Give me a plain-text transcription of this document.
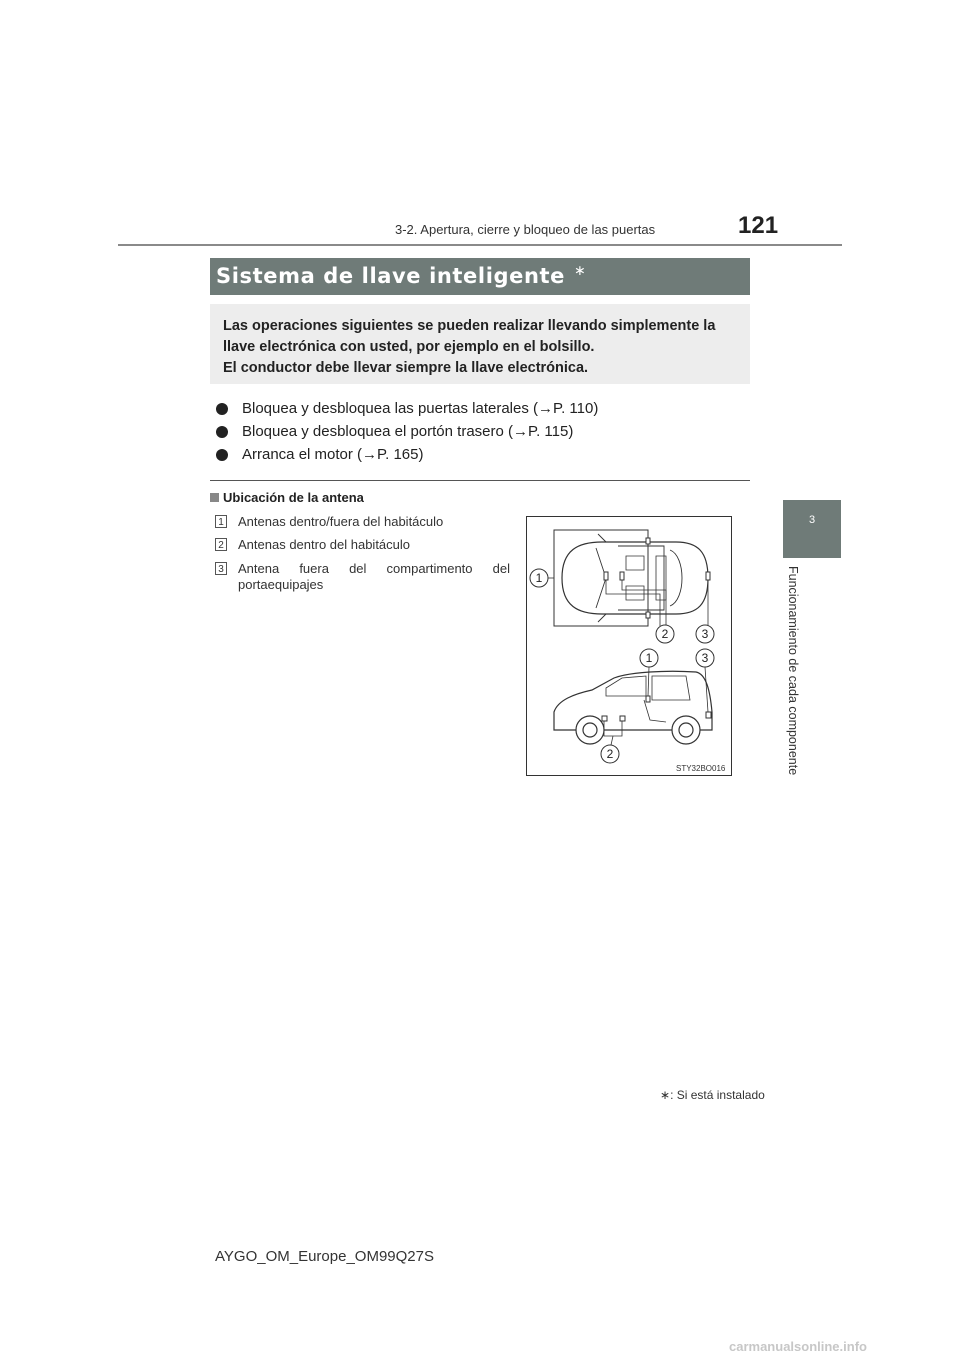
3-2. Apertura, cierre y bloqueo de las puertas	121
3
Funcionamiento de cada componente
Sistema de llave inteligente ∗

Las operaciones siguientes se pueden realizar llevando simplemente la

llave electrónica con usted, por ejemplo en el bolsillo.

El conductor debe llevar siempre la llave electrónica.

Bloquea y desbloquea las puertas laterales (→P. 110)
Bloquea y desbloquea el portón trasero (→P. 115)
Arranca el motor (→P. 165)
Ubicación de la antena
1 Antenas dentro/fuera del habitáculo
2 Antenas dentro del habitáculo
3 Antena fuera del compartimento del portaequipajes	1
2	3
1	3
2
STY32BO016
∗: Si está instalado
AYGO_OM_Europe_OM99Q27S
carmanualsonline.info
